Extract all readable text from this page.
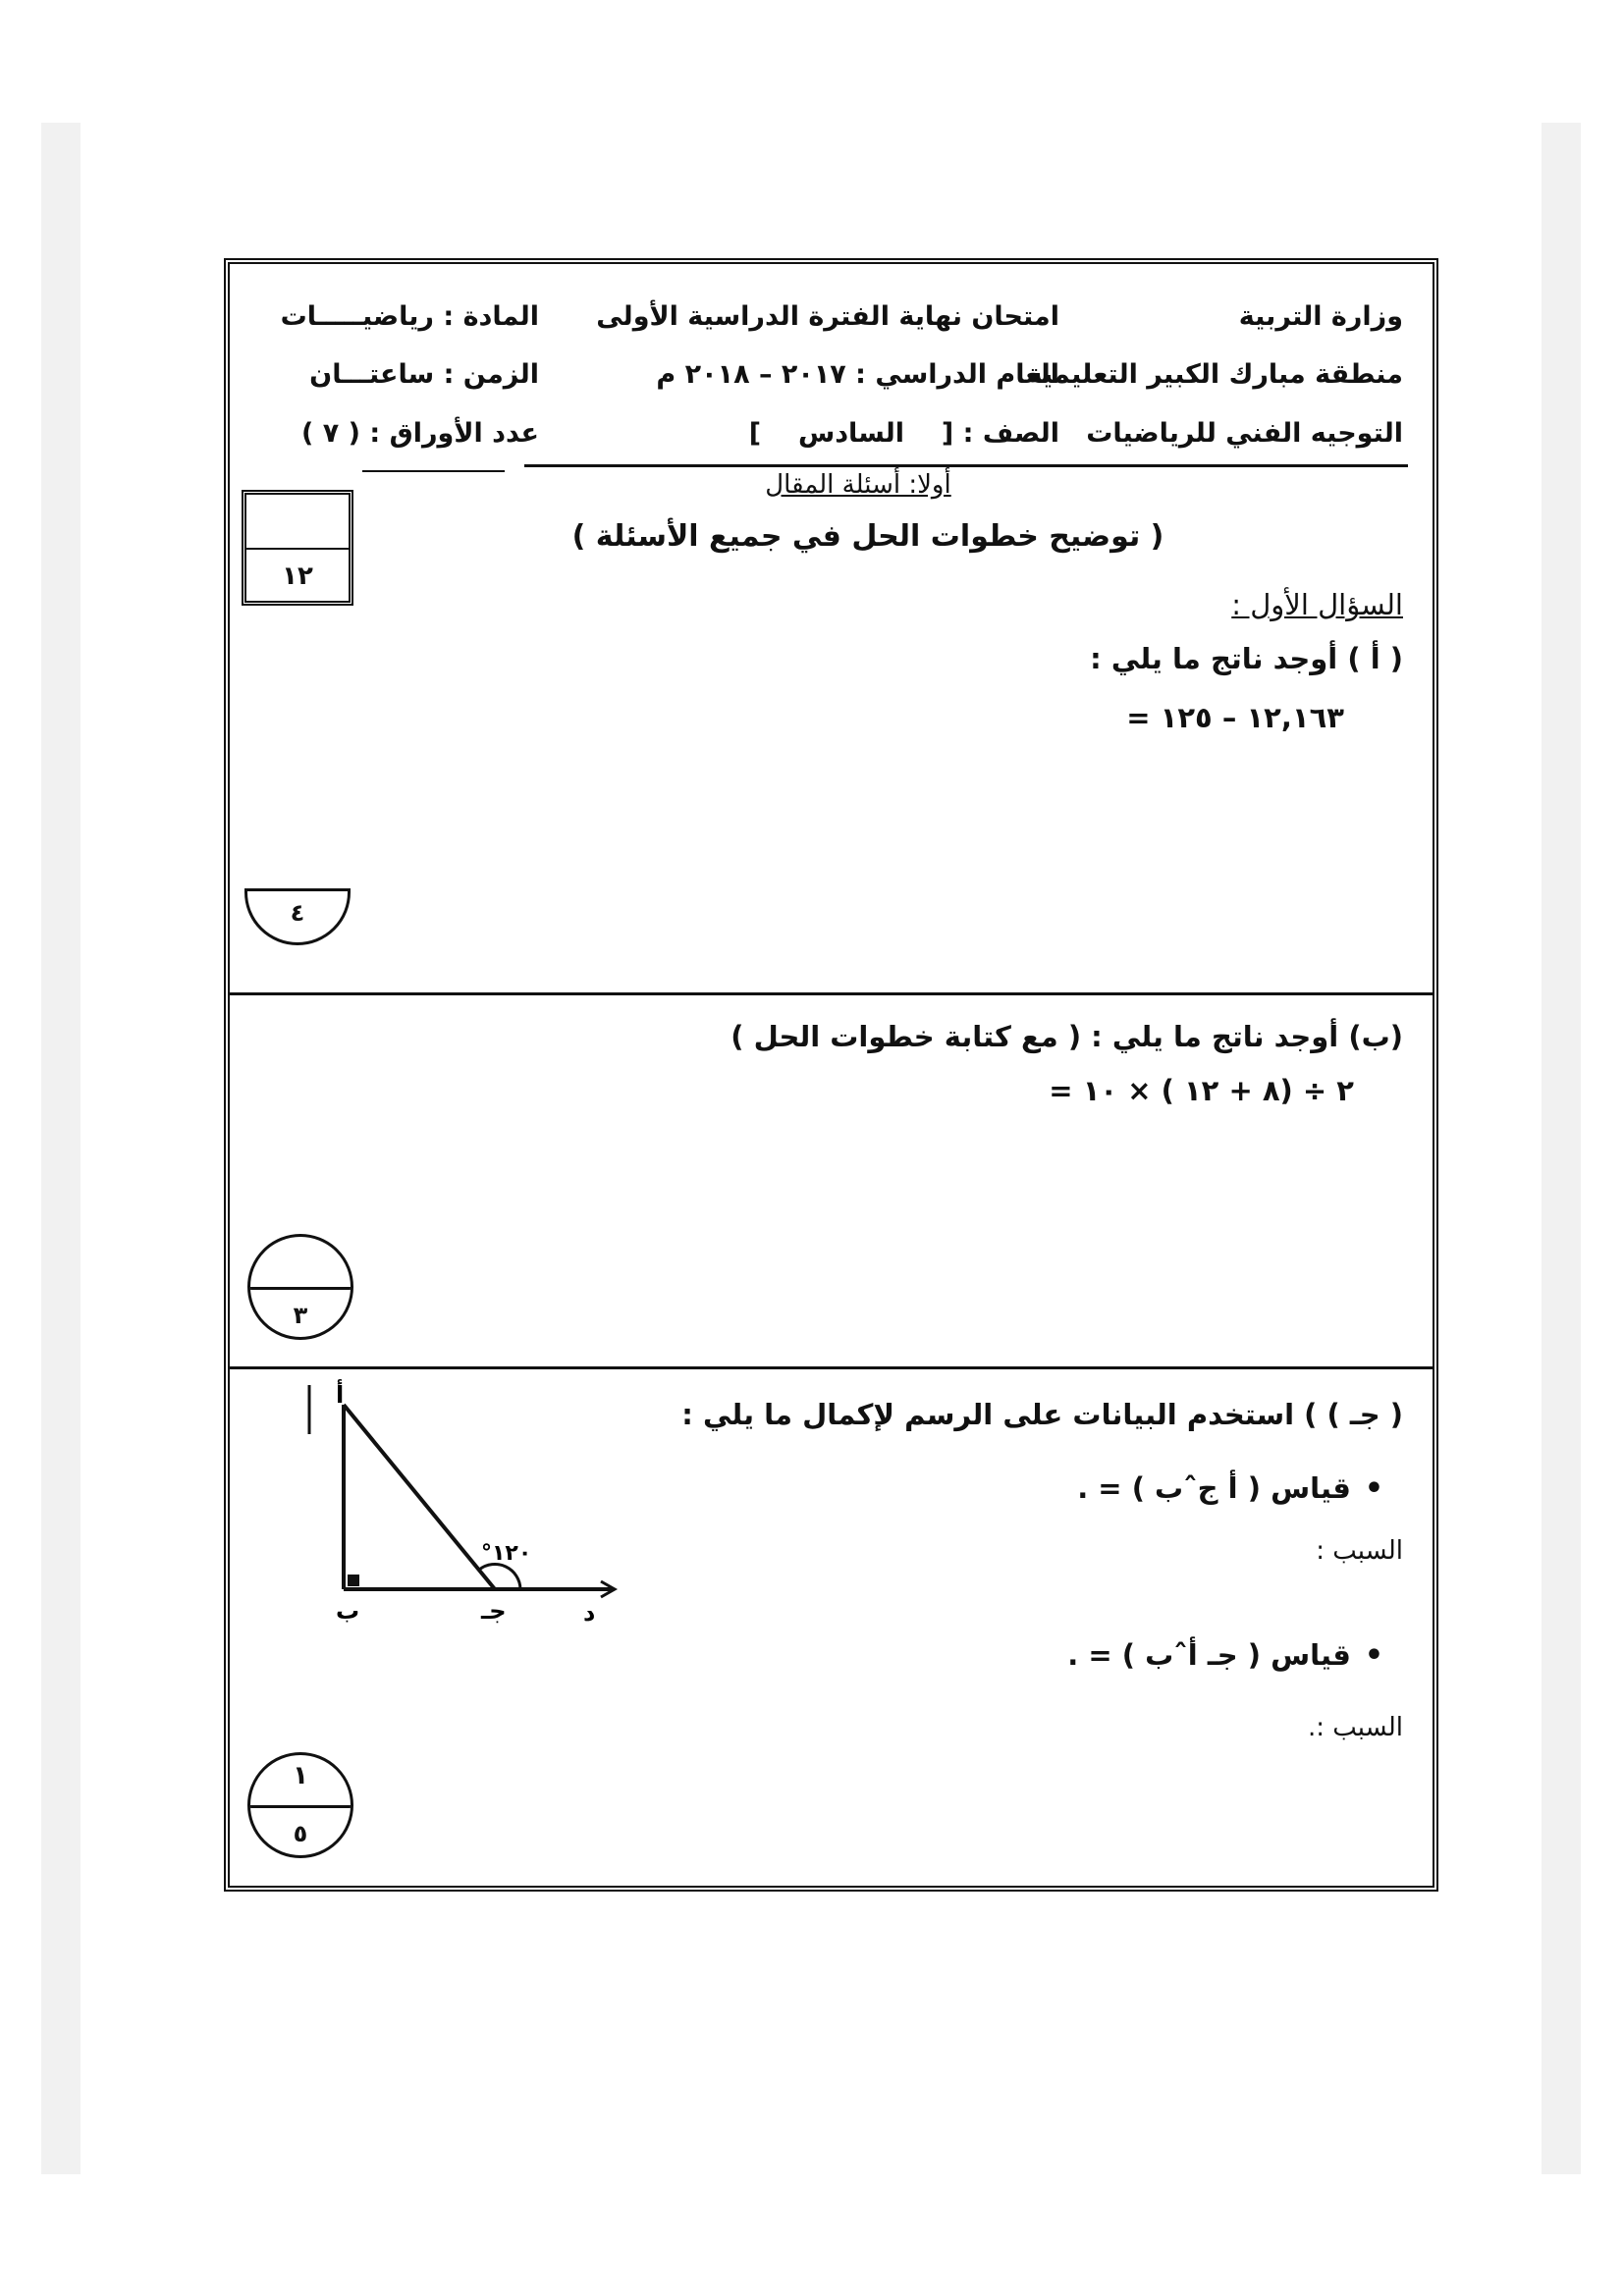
وزارة التربية
منطقة مبارك الكبير التعليمية
التوجيه الفني للرياضيات
امتحان نهاية الفترة الدراسية الأولى
العام الدراسي : ٢٠١٧ – ٢٠١٨ م
الصف : [ السادس ]
المادة : رياضيـــــات
الزمن : ساعتـــان
عدد الأوراق : ( ٧ )
أولا: أسئلة المقال
( توضيح خطوات الحل في جميع الأسئلة )
١٢
السؤال الأول :
( أ ) أوجد ناتج ما يلي :
= ١٢,١٦٣ – ١٢٥
٤
(ب) أوجد ناتج ما يلي : ( مع كتابة خطوات الحل )
= ٢ ÷ (٨ + ١٢ ) × ١٠
٣
( جـ ) ) استخدم البيانات على الرسم لإكمال ما يلي :
• قياس ( أ جˆب ) = .
السبب :
• قياس ( جـ أˆب ) = .
السبب :.
أ
ب	جـ	د
°١٢٠
١
٥
